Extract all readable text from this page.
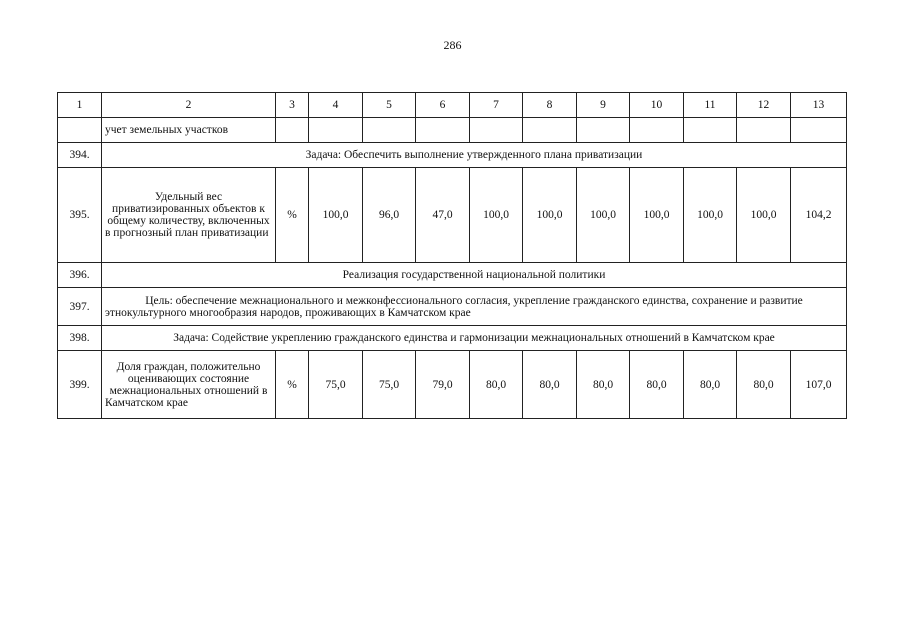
286
1	2	3	4	5	6	7	8	9	10	11	12	13
	учет земельных участков											
394.	Задача: Обеспечить выполнение утвержденного плана приватизации											
395.	Удельный вес приватизированных объектов к общему количеству, включенных в прогнозный план приватизации	%	100,0	96,0	47,0	100,0	100,0	100,0	100,0	100,0	100,0	104,2
396.	Реализация государственной национальной политики											
397.	Цель: обеспечение межнационального и межконфессионального согласия, укрепление гражданского единства, сохранение и развитие этнокультурного многообразия народов, проживающих в Камчатском крае											
398.	Задача: Содействие укреплению гражданского единства и гармонизации межнациональных отношений в Камчатском крае											
399.	Доля граждан, положительно оценивающих состояние межнациональных отношений в Камчатском крае	%	75,0	75,0	79,0	80,0	80,0	80,0	80,0	80,0	80,0	107,0
